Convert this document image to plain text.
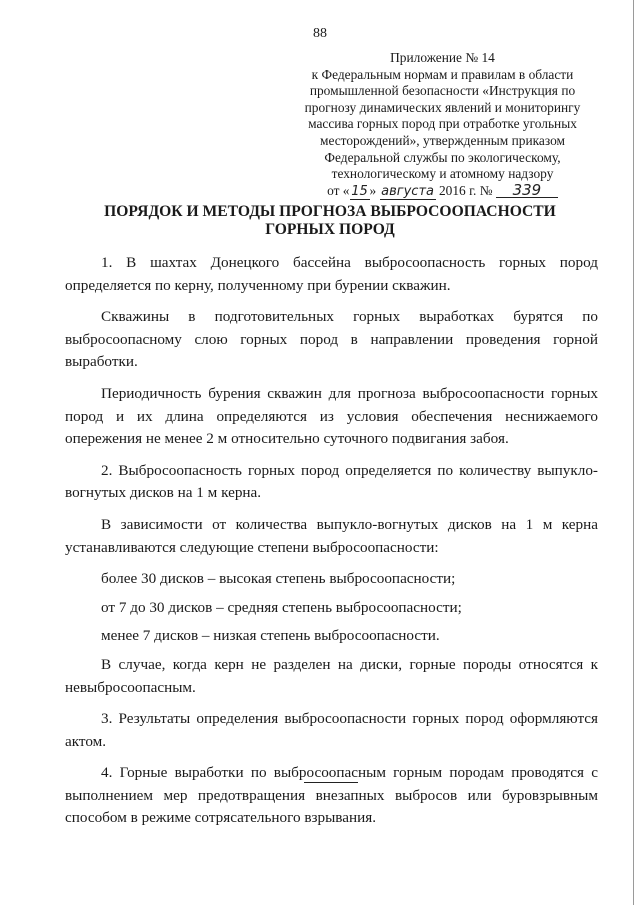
88
Приложение № 14
к Федеральным нормам и правилам в области
промышленной безопасности «Инструкция по
прогнозу динамических явлений и мониторингу
массива горных пород при отработке угольных
месторождений», утвержденным приказом
Федеральной службы по экологическому,
технологическому и атомному надзору
от « 15 » августа 2016 г. № 339
ПОРЯДОК И МЕТОДЫ ПРОГНОЗА ВЫБРОСООПАСНОСТИ
ГОРНЫХ ПОРОД

1. В шахтах Донецкого бассейна выбросоопасность горных пород определяется по керну, полученному при бурении скважин.

Скважины в подготовительных горных выработках бурятся по выбросоопасному слою горных пород в направлении проведения горной выработки.

Периодичность бурения скважин для прогноза выбросоопасности горных пород и их длина определяются из условия обеспечения неснижаемого опережения не менее 2 м относительно суточного подвигания забоя.

2. Выбросоопасность горных пород определяется по количеству выпукло-вогнутых дисков на 1 м керна.

В зависимости от количества выпукло-вогнутых дисков на 1 м керна устанавливаются следующие степени выбросоопасности:

более 30 дисков – высокая степень выбросоопасности;

от 7 до 30 дисков – средняя степень выбросоопасности;

менее 7 дисков – низкая степень выбросоопасности.

В случае, когда керн не разделен на диски, горные породы относятся к невыбросоопасным.

3. Результаты определения выбросоопасности горных пород оформляются актом.

4. Горные выработки по выбросоопасным горным породам проводятся с выполнением мер предотвращения внезапных выбросов или буровзрывным способом в режиме сотрясательного взрывания.
